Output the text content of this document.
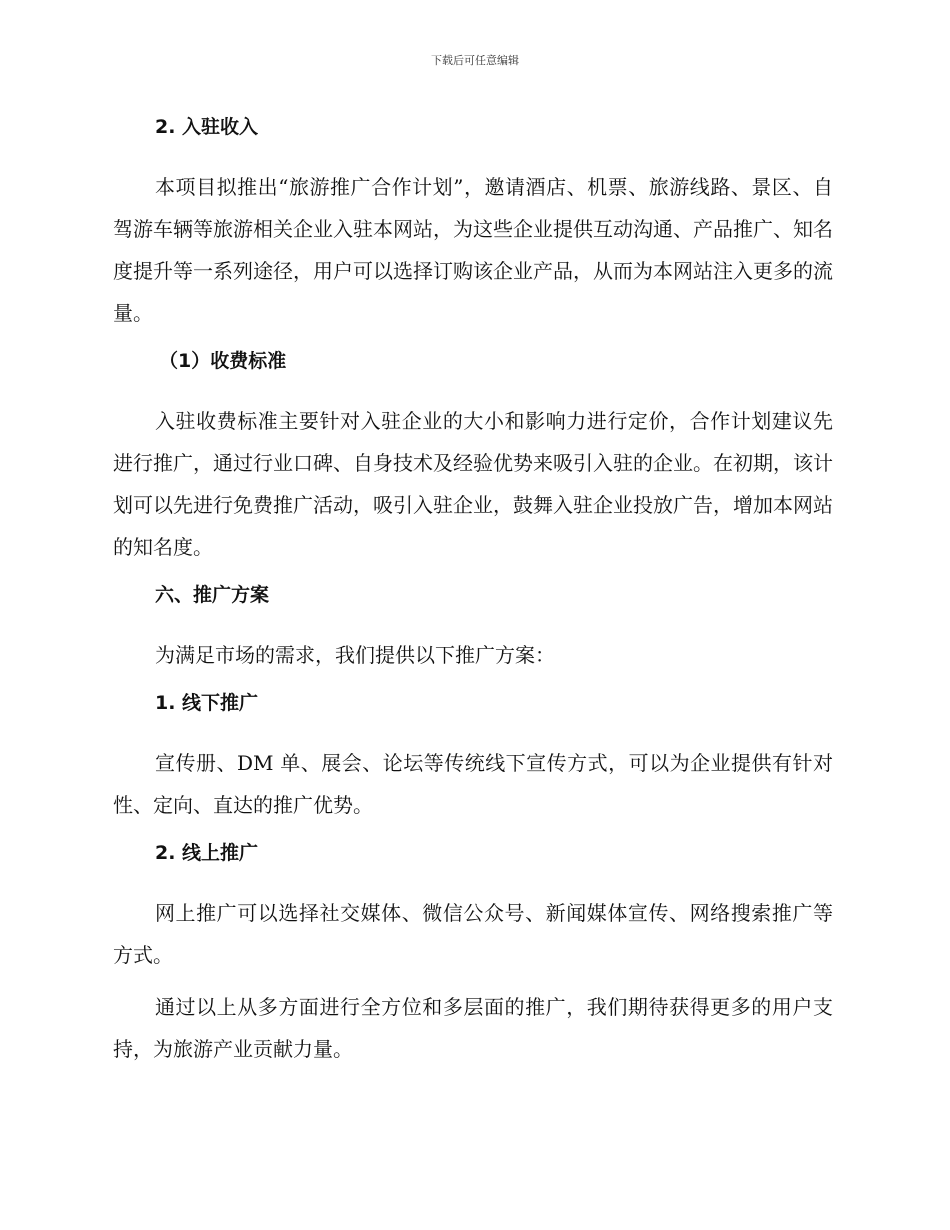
下载后可任意编辑
2. 入驻收入

本项目拟推出“旅游推广合作计划”，邀请酒店、机票、旅游线路、景区、自驾游车辆等旅游相关企业入驻本网站，为这些企业提供互动沟通、产品推广、知名度提升等一系列途径，用户可以选择订购该企业产品，从而为本网站注入更多的流量。

（1）收费标准

入驻收费标准主要针对入驻企业的大小和影响力进行定价，合作计划建议先进行推广，通过行业口碑、自身技术及经验优势来吸引入驻的企业。在初期，该计划可以先进行免费推广活动，吸引入驻企业，鼓舞入驻企业投放广告，增加本网站的知名度。

六、推广方案

为满足市场的需求，我们提供以下推广方案：

1. 线下推广

宣传册、DM 单、展会、论坛等传统线下宣传方式，可以为企业提供有针对性、定向、直达的推广优势。

2. 线上推广

网上推广可以选择社交媒体、微信公众号、新闻媒体宣传、网络搜索推广等方式。

通过以上从多方面进行全方位和多层面的推广，我们期待获得更多的用户支持，为旅游产业贡献力量。
